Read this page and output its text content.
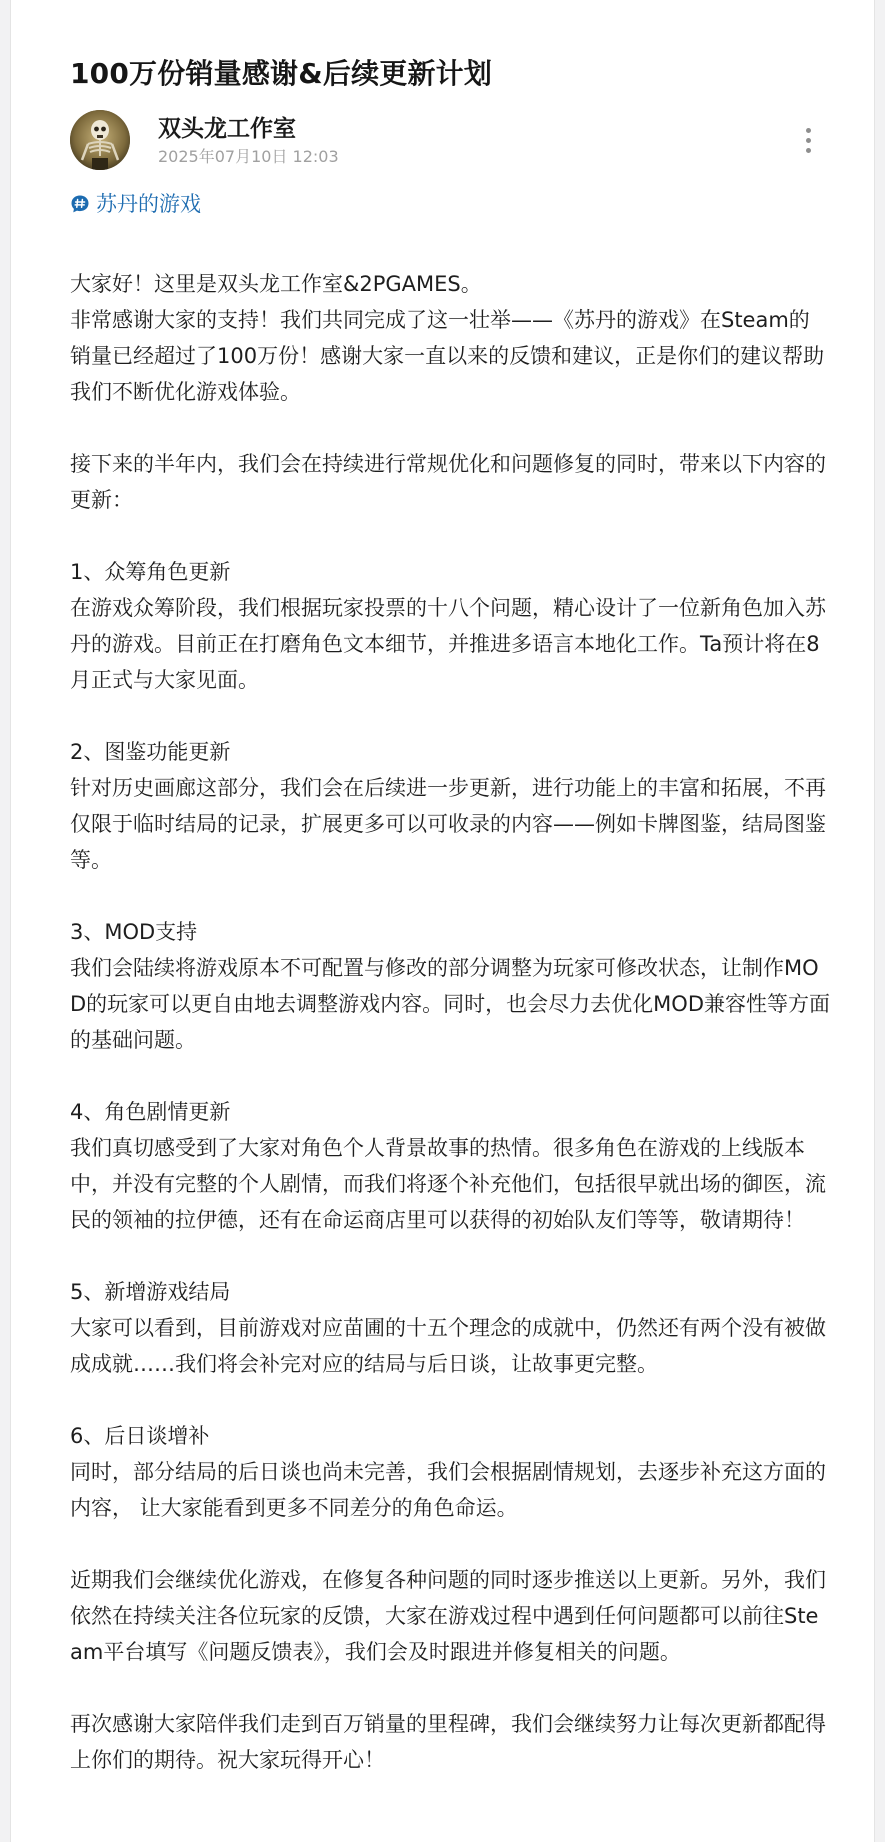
100万份销量感谢&后续更新计划
双头龙工作室
2025年07月10日 12:03
苏丹的游戏

大家好！这里是双头龙工作室&2PGAMES。

非常感谢大家的支持！我们共同完成了这一壮举——《苏丹的游戏》在Steam的销量已经超过了100万份！感谢大家一直以来的反馈和建议，正是你们的建议帮助我们不断优化游戏体验。

接下来的半年内，我们会在持续进行常规优化和问题修复的同时，带来以下内容的更新：

1、众筹角色更新

在游戏众筹阶段，我们根据玩家投票的十八个问题，精心设计了一位新角色加入苏丹的游戏。目前正在打磨角色文本细节，并推进多语言本地化工作。Ta预计将在8月正式与大家见面。

2、图鉴功能更新

针对历史画廊这部分，我们会在后续进一步更新，进行功能上的丰富和拓展，不再仅限于临时结局的记录，扩展更多可以可收录的内容——例如卡牌图鉴，结局图鉴等。

3、MOD支持

我们会陆续将游戏原本不可配置与修改的部分调整为玩家可修改状态，让制作MOD的玩家可以更自由地去调整游戏内容。同时，也会尽力去优化MOD兼容性等方面的基础问题。

4、角色剧情更新

我们真切感受到了大家对角色个人背景故事的热情。很多角色在游戏的上线版本中，并没有完整的个人剧情，而我们将逐个补充他们，包括很早就出场的御医，流民的领袖的拉伊德，还有在命运商店里可以获得的初始队友们等等，敬请期待！

5、新增游戏结局

大家可以看到，目前游戏对应苗圃的十五个理念的成就中，仍然还有两个没有被做成成就……我们将会补完对应的结局与后日谈，让故事更完整。

6、后日谈增补

同时，部分结局的后日谈也尚未完善，我们会根据剧情规划，去逐步补充这方面的内容， 让大家能看到更多不同差分的角色命运。

近期我们会继续优化游戏，在修复各种问题的同时逐步推送以上更新。另外，我们依然在持续关注各位玩家的反馈，大家在游戏过程中遇到任何问题都可以前往Steam平台填写《问题反馈表》，我们会及时跟进并修复相关的问题。

再次感谢大家陪伴我们走到百万销量的里程碑，我们会继续努力让每次更新都配得上你们的期待。祝大家玩得开心！
